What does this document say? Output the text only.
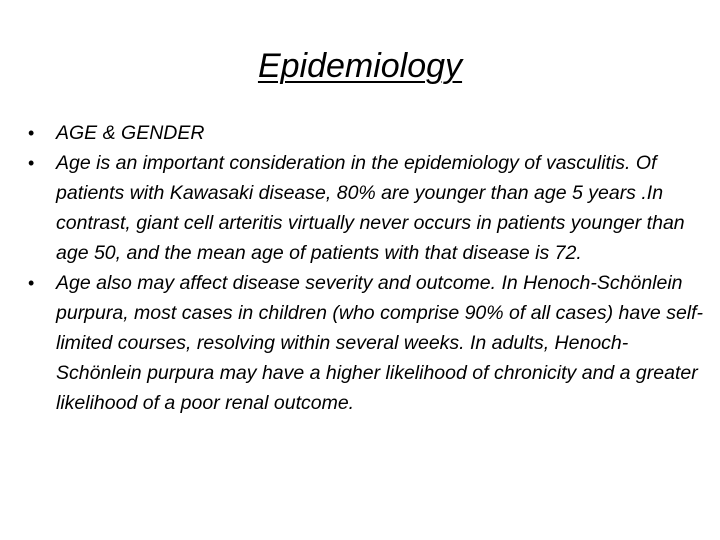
Epidemiology
• AGE & GENDER
• Age is an important consideration in the epidemiology of vasculitis. Of patients with Kawasaki disease, 80% are younger than age 5 years .In contrast, giant cell arteritis virtually never occurs in patients younger than age 50, and the mean age of patients with that disease is 72.
• Age also may affect disease severity and outcome. In Henoch-Schönlein purpura, most cases in children (who comprise 90% of all cases) have self-limited courses, resolving within several weeks. In adults, Henoch-Schönlein purpura may have a higher likelihood of chronicity and a greater likelihood of a poor renal outcome.
